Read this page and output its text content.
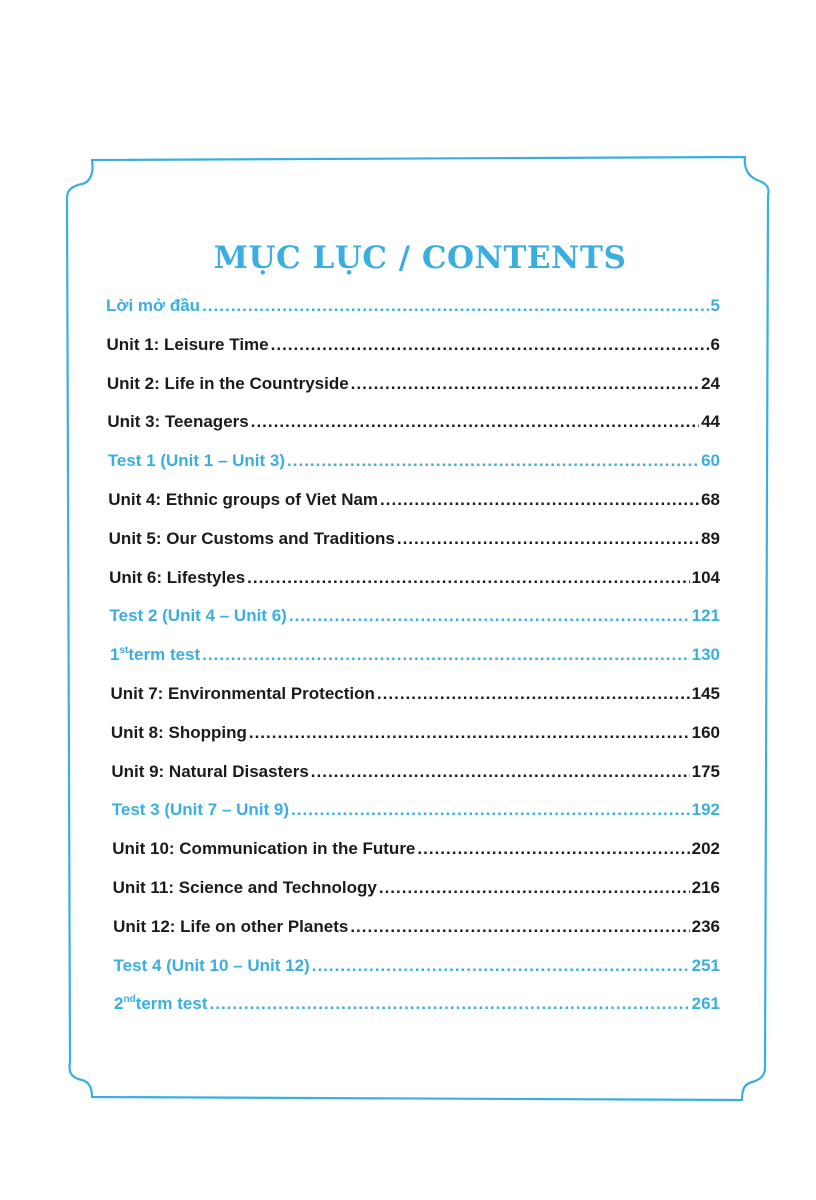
MỤC LỤC / CONTENTS
Lời mở đầu .....	5
Unit 1: Leisure Time .....	6
Unit 2: Life in the Countryside .....	24
Unit 3: Teenagers .....	44
Test 1 (Unit 1 – Unit 3) .....	60
Unit 4: Ethnic groups of Viet Nam .....	68
Unit 5: Our Customs and Traditions .....	89
Unit 6: Lifestyles .....	104
Test 2 (Unit 4 – Unit 6) .....	121
1stterm test .....	130
Unit 7: Environmental Protection .....	145
Unit 8: Shopping .....	160
Unit 9: Natural Disasters .....	175
Test 3 (Unit 7 – Unit 9) .....	192
Unit 10: Communication in the Future .....	202
Unit 11: Science and Technology .....	216
Unit 12: Life on other Planets .....	236
Test 4 (Unit 10 – Unit 12) .....	251
2ndterm test .....	261
